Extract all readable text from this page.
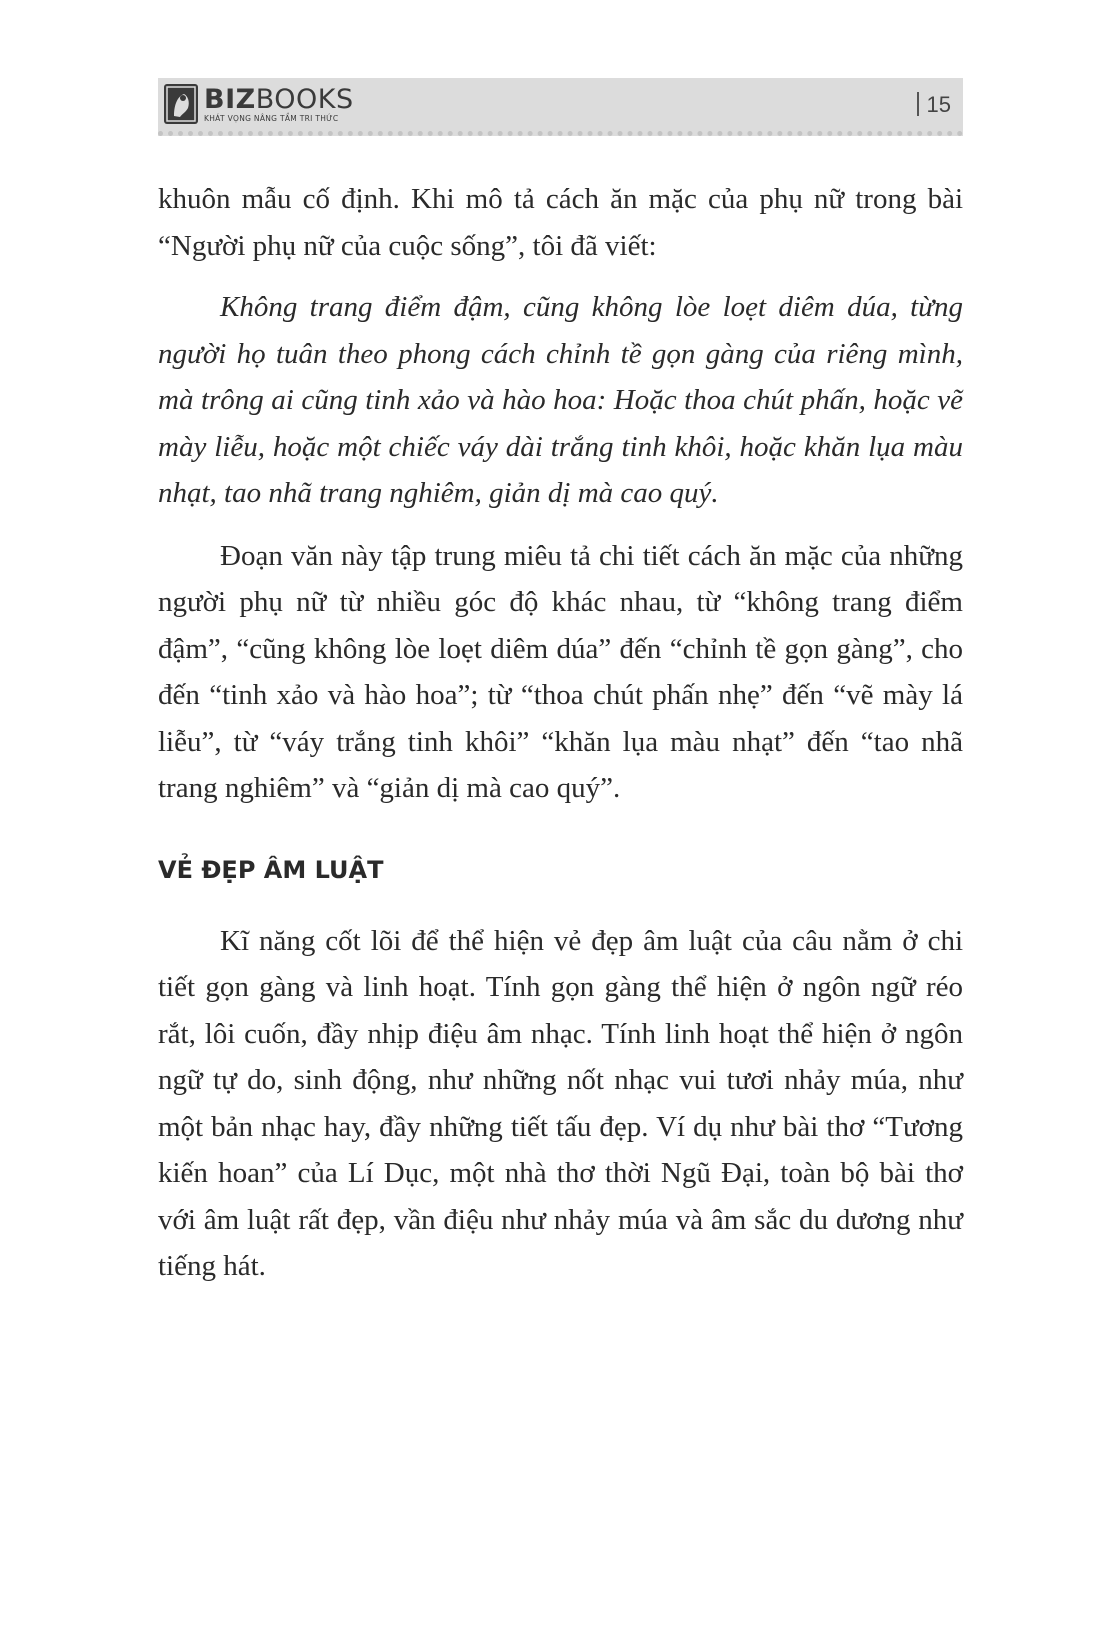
BIZBOOKS
KHÁT VỌNG NÂNG TẦM TRI THỨC
15

khuôn mẫu cố định. Khi mô tả cách ăn mặc của phụ nữ trong bài “Người phụ nữ của cuộc sống”, tôi đã viết:

Không trang điểm đậm, cũng không lòe loẹt diêm dúa, từng người họ tuân theo phong cách chỉnh tề gọn gàng của riêng mình, mà trông ai cũng tinh xảo và hào hoa: Hoặc thoa chút phấn, hoặc vẽ mày liễu, hoặc một chiếc váy dài trắng tinh khôi, hoặc khăn lụa màu nhạt, tao nhã trang nghiêm, giản dị mà cao quý.

Đoạn văn này tập trung miêu tả chi tiết cách ăn mặc của những người phụ nữ từ nhiều góc độ khác nhau, từ “không trang điểm đậm”, “cũng không lòe loẹt diêm dúa” đến “chỉnh tề gọn gàng”, cho đến “tinh xảo và hào hoa”; từ “thoa chút phấn nhẹ” đến “vẽ mày lá liễu”, từ “váy trắng tinh khôi” “khăn lụa màu nhạt” đến “tao nhã trang nghiêm” và “giản dị mà cao quý”.

VẺ ĐẸP ÂM LUẬT

Kĩ năng cốt lõi để thể hiện vẻ đẹp âm luật của câu nằm ở chi tiết gọn gàng và linh hoạt. Tính gọn gàng thể hiện ở ngôn ngữ réo rắt, lôi cuốn, đầy nhịp điệu âm nhạc. Tính linh hoạt thể hiện ở ngôn ngữ tự do, sinh động, như những nốt nhạc vui tươi nhảy múa, như một bản nhạc hay, đầy những tiết tấu đẹp. Ví dụ như bài thơ “Tương kiến hoan” của Lí Dục, một nhà thơ thời Ngũ Đại, toàn bộ bài thơ với âm luật rất đẹp, vần điệu như nhảy múa và âm sắc du dương như tiếng hát.
